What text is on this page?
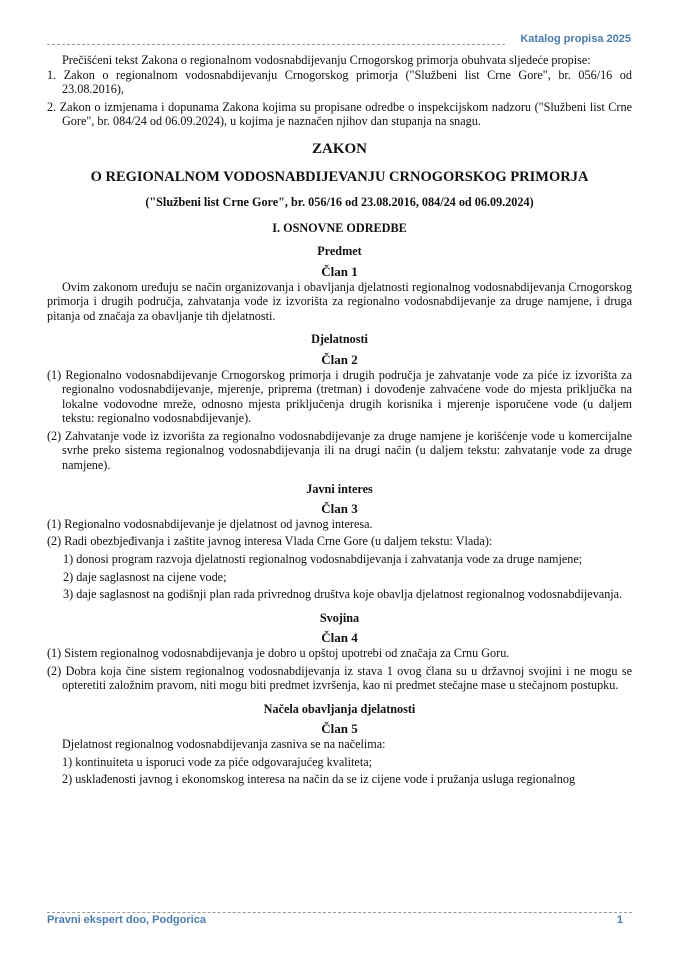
Katalog propisa 2025

Prečišćeni tekst Zakona o regionalnom vodosnabdijevanju Crnogorskog primorja obuhvata sljedeće propise:

1. Zakon o regionalnom vodosnabdijevanju Crnogorskog primorja ("Službeni list Crne Gore", br. 056/16 od 23.08.2016),

2. Zakon o izmjenama i dopunama Zakona kojima su propisane odredbe o inspekcijskom nadzoru ("Službeni list Crne Gore", br. 084/24 od 06.09.2024), u kojima je naznačen njihov dan stupanja na snagu.

ZAKON

O REGIONALNOM VODOSNABDIJEVANJU CRNOGORSKOG PRIMORJA

("Službeni list Crne Gore", br. 056/16 od 23.08.2016, 084/24 od 06.09.2024)

I. OSNOVNE ODREDBE

Predmet

Član 1

Ovim zakonom uređuju se način organizovanja i obavljanja djelatnosti regionalnog vodosnabdijevanja Crnogorskog primorja i drugih područja, zahvatanja vode iz izvorišta za regionalno vodosnabdijevanje za druge namjene, i druga pitanja od značaja za obavljanje tih djelatnosti.

Djelatnosti

Član 2

(1) Regionalno vodosnabdijevanje Crnogorskog primorja i drugih područja je zahvatanje vode za piće iz izvorišta za regionalno vodosnabdijevanje, mjerenje, priprema (tretman) i dovođenje zahvaćene vode do mjesta priključka na lokalne vodovodne mreže, odnosno mjesta priključenja drugih korisnika i mjerenje isporučene vode (u daljem tekstu: regionalno vodosnabdijevanje).

(2) Zahvatanje vode iz izvorišta za regionalno vodosnabdijevanje za druge namjene je korišćenje vode u komercijalne svrhe preko sistema regionalnog vodosnabdijevanja ili na drugi način (u daljem tekstu: zahvatanje vode za druge namjene).

Javni interes

Član 3

(1) Regionalno vodosnabdijevanje je djelatnost od javnog interesa.

(2) Radi obezbjeđivanja i zaštite javnog interesa Vlada Crne Gore (u daljem tekstu: Vlada):

1) donosi program razvoja djelatnosti regionalnog vodosnabdijevanja i zahvatanja vode za druge namjene;

2) daje saglasnost na cijene vode;

3) daje saglasnost na godišnji plan rada privrednog društva koje obavlja djelatnost regionalnog vodosnabdijevanja.

Svojina

Član 4

(1) Sistem regionalnog vodosnabdijevanja je dobro u opštoj upotrebi od značaja za Crnu Goru.

(2) Dobra koja čine sistem regionalnog vodosnabdijevanja iz stava 1 ovog člana su u državnoj svojini i ne mogu se opteretiti založnim pravom, niti mogu biti predmet izvršenja, kao ni predmet stečajne mase u stečajnom postupku.

Načela obavljanja djelatnosti

Član 5

Djelatnost regionalnog vodosnabdijevanja zasniva se na načelima:

1) kontinuiteta u isporuci vode za piće odgovarajućeg kvaliteta;

2) usklađenosti javnog i ekonomskog interesa na način da se iz cijene vode i pružanja usluga regionalnog

Pravni ekspert doo, Podgorica	1
